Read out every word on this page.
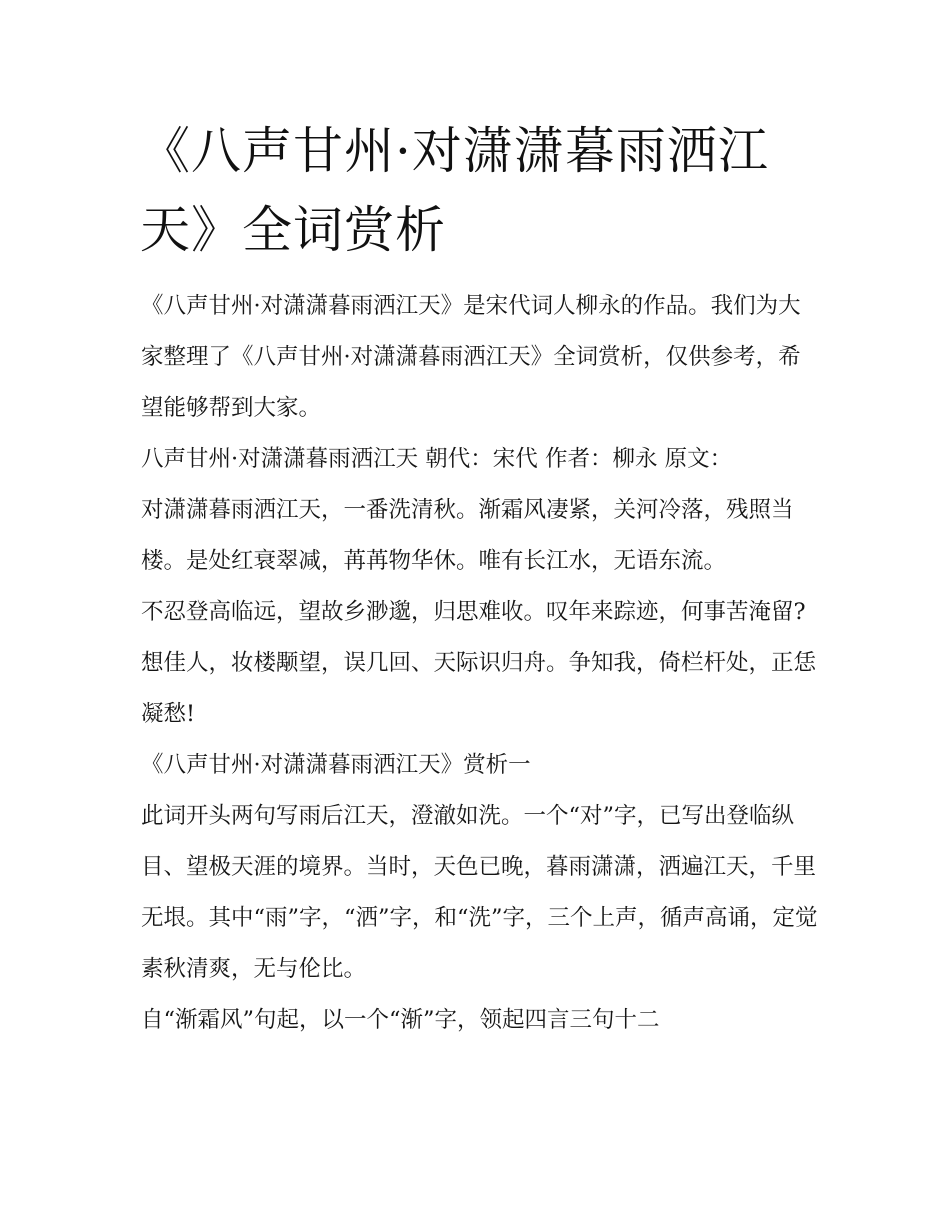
《八声甘州·对潇潇暮雨洒江天》全词赏析

《八声甘州·对潇潇暮雨洒江天》是宋代词人柳永的作品。我们为大家整理了《八声甘州·对潇潇暮雨洒江天》全词赏析，仅供参考，希望能够帮到大家。

八声甘州·对潇潇暮雨洒江天 朝代：宋代 作者：柳永 原文：

对潇潇暮雨洒江天，一番洗清秋。渐霜风凄紧，关河冷落，残照当楼。是处红衰翠减，苒苒物华休。唯有长江水，无语东流。

不忍登高临远，望故乡渺邈，归思难收。叹年来踪迹，何事苦淹留?想佳人，妆楼颙望，误几回、天际识归舟。争知我，倚栏杆处，正恁凝愁!

《八声甘州·对潇潇暮雨洒江天》赏析一

此词开头两句写雨后江天，澄澈如洗。一个“对”字，已写出登临纵目、望极天涯的境界。当时，天色已晚，暮雨潇潇，洒遍江天，千里无垠。其中“雨”字，“洒”字，和“洗”字，三个上声，循声高诵，定觉素秋清爽，无与伦比。

自“渐霜风”句起，以一个“渐”字，领起四言三句十二
